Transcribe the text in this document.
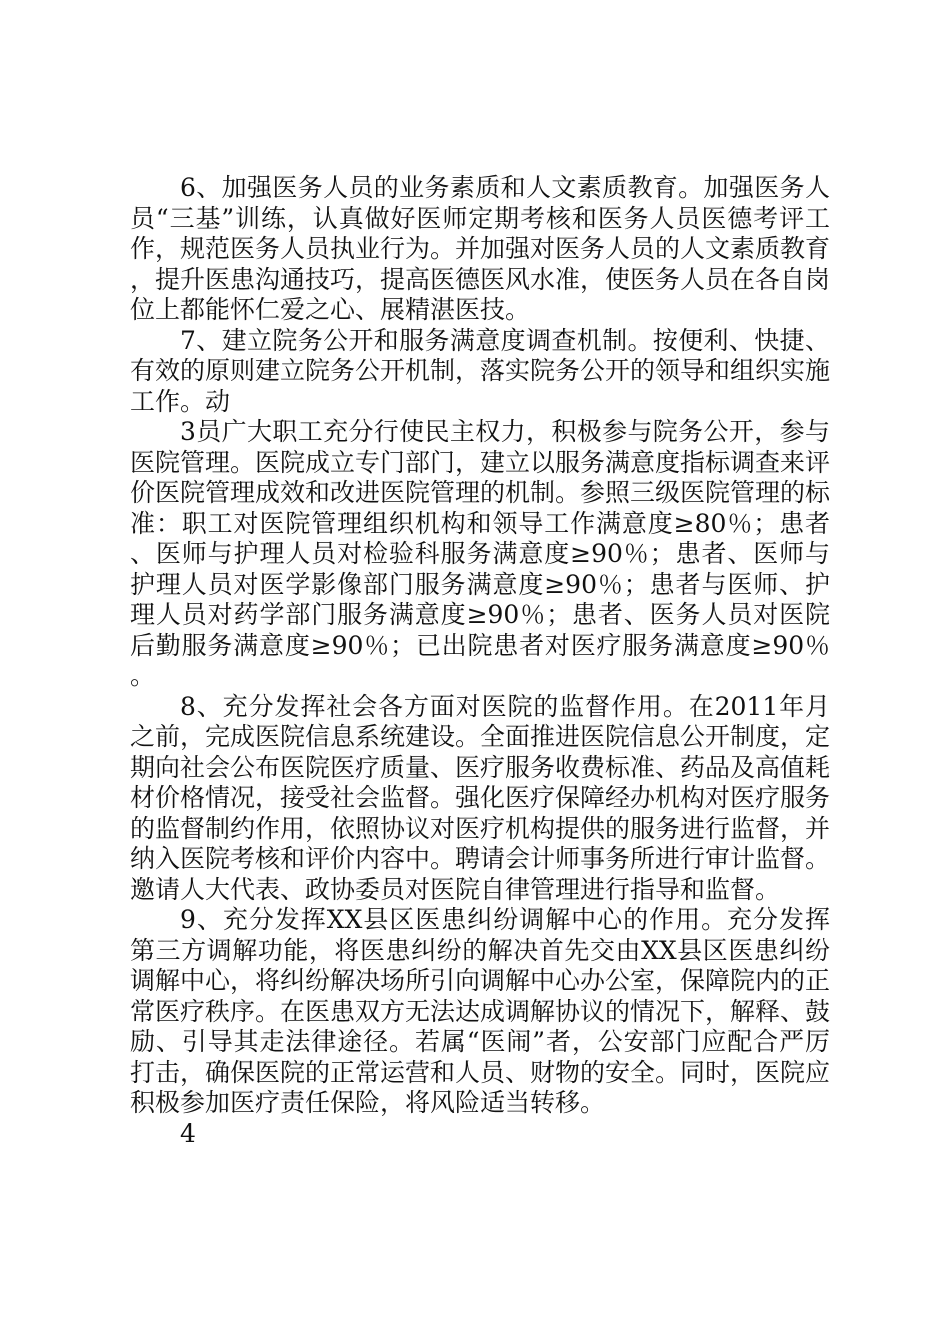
6、加强医务人员的业务素质和人文素质教育。加强医务人员“三基”训练，认真做好医师定期考核和医务人员医德考评工作，规范医务人员执业行为。并加强对医务人员的人文素质教育，提升医患沟通技巧，提高医德医风水准，使医务人员在各自岗位上都能怀仁爱之心、展精湛医技。

7、建立院务公开和服务满意度调查机制。按便利、快捷、有效的原则建立院务公开机制，落实院务公开的领导和组织实施工作。动

3员广大职工充分行使民主权力，积极参与院务公开，参与医院管理。医院成立专门部门，建立以服务满意度指标调查来评价医院管理成效和改进医院管理的机制。参照三级医院管理的标准：职工对医院管理组织机构和领导工作满意度≥80％；患者、医师与护理人员对检验科服务满意度≥90％；患者、医师与护理人员对医学影像部门服务满意度≥90％；患者与医师、护理人员对药学部门服务满意度≥90％；患者、医务人员对医院后勤服务满意度≥90％；已出院患者对医疗服务满意度≥90％。

8、充分发挥社会各方面对医院的监督作用。在2011年月之前，完成医院信息系统建设。全面推进医院信息公开制度，定期向社会公布医院医疗质量、医疗服务收费标准、药品及高值耗材价格情况，接受社会监督。强化医疗保障经办机构对医疗服务的监督制约作用，依照协议对医疗机构提供的服务进行监督，并纳入医院考核和评价内容中。聘请会计师事务所进行审计监督。邀请人大代表、政协委员对医院自律管理进行指导和监督。

9、充分发挥XX县区医患纠纷调解中心的作用。充分发挥第三方调解功能，将医患纠纷的解决首先交由XX县区医患纠纷调解中心，将纠纷解决场所引向调解中心办公室，保障院内的正常医疗秩序。在医患双方无法达成调解协议的情况下，解释、鼓励、引导其走法律途径。若属“医闹”者，公安部门应配合严厉打击，确保医院的正常运营和人员、财物的安全。同时，医院应积极参加医疗责任保险，将风险适当转移。

4
